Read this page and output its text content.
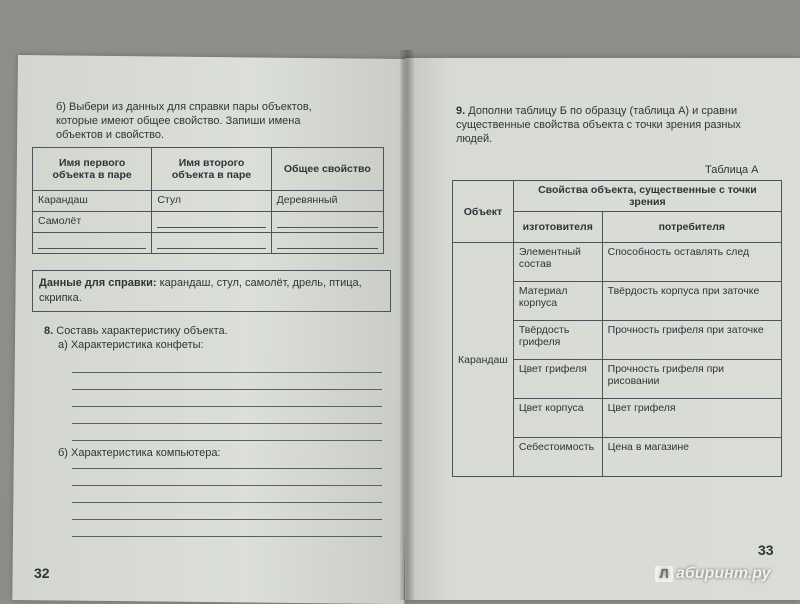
б) Выбери из данных для справки пары объектов,
которые имеют общее свойство. Запиши имена
объектов и свойство.
Имя первого объекта в паре	Имя второго объекта в паре	Общее свойство
Карандаш	Стул	Деревянный
Самолёт	

Данные для справки: карандаш, стул, самолёт, дрель, птица, скрипка.
8. Составь характеристику объекта.
а) Характеристика конфеты:
б) Характеристика компьютера:
32
9. Дополни таблицу Б по образцу (таблица А) и сравни существенные свойства объекта с точки зрения разных людей.
Таблица А
Объект	Свойства объекта, существенные с точки зрения	
	изготовителя	потребителя
Карандаш	Элементный состав	Способность оставлять след
	Материал корпуса	Твёрдость корпуса при заточке
	Твёрдость грифеля	Прочность грифеля при заточке
	Цвет грифеля	Прочность грифеля при рисовании
	Цвет корпуса	Цвет грифеля
	Себестоимость	Цена в магазине
33
Л абиринт.ру
